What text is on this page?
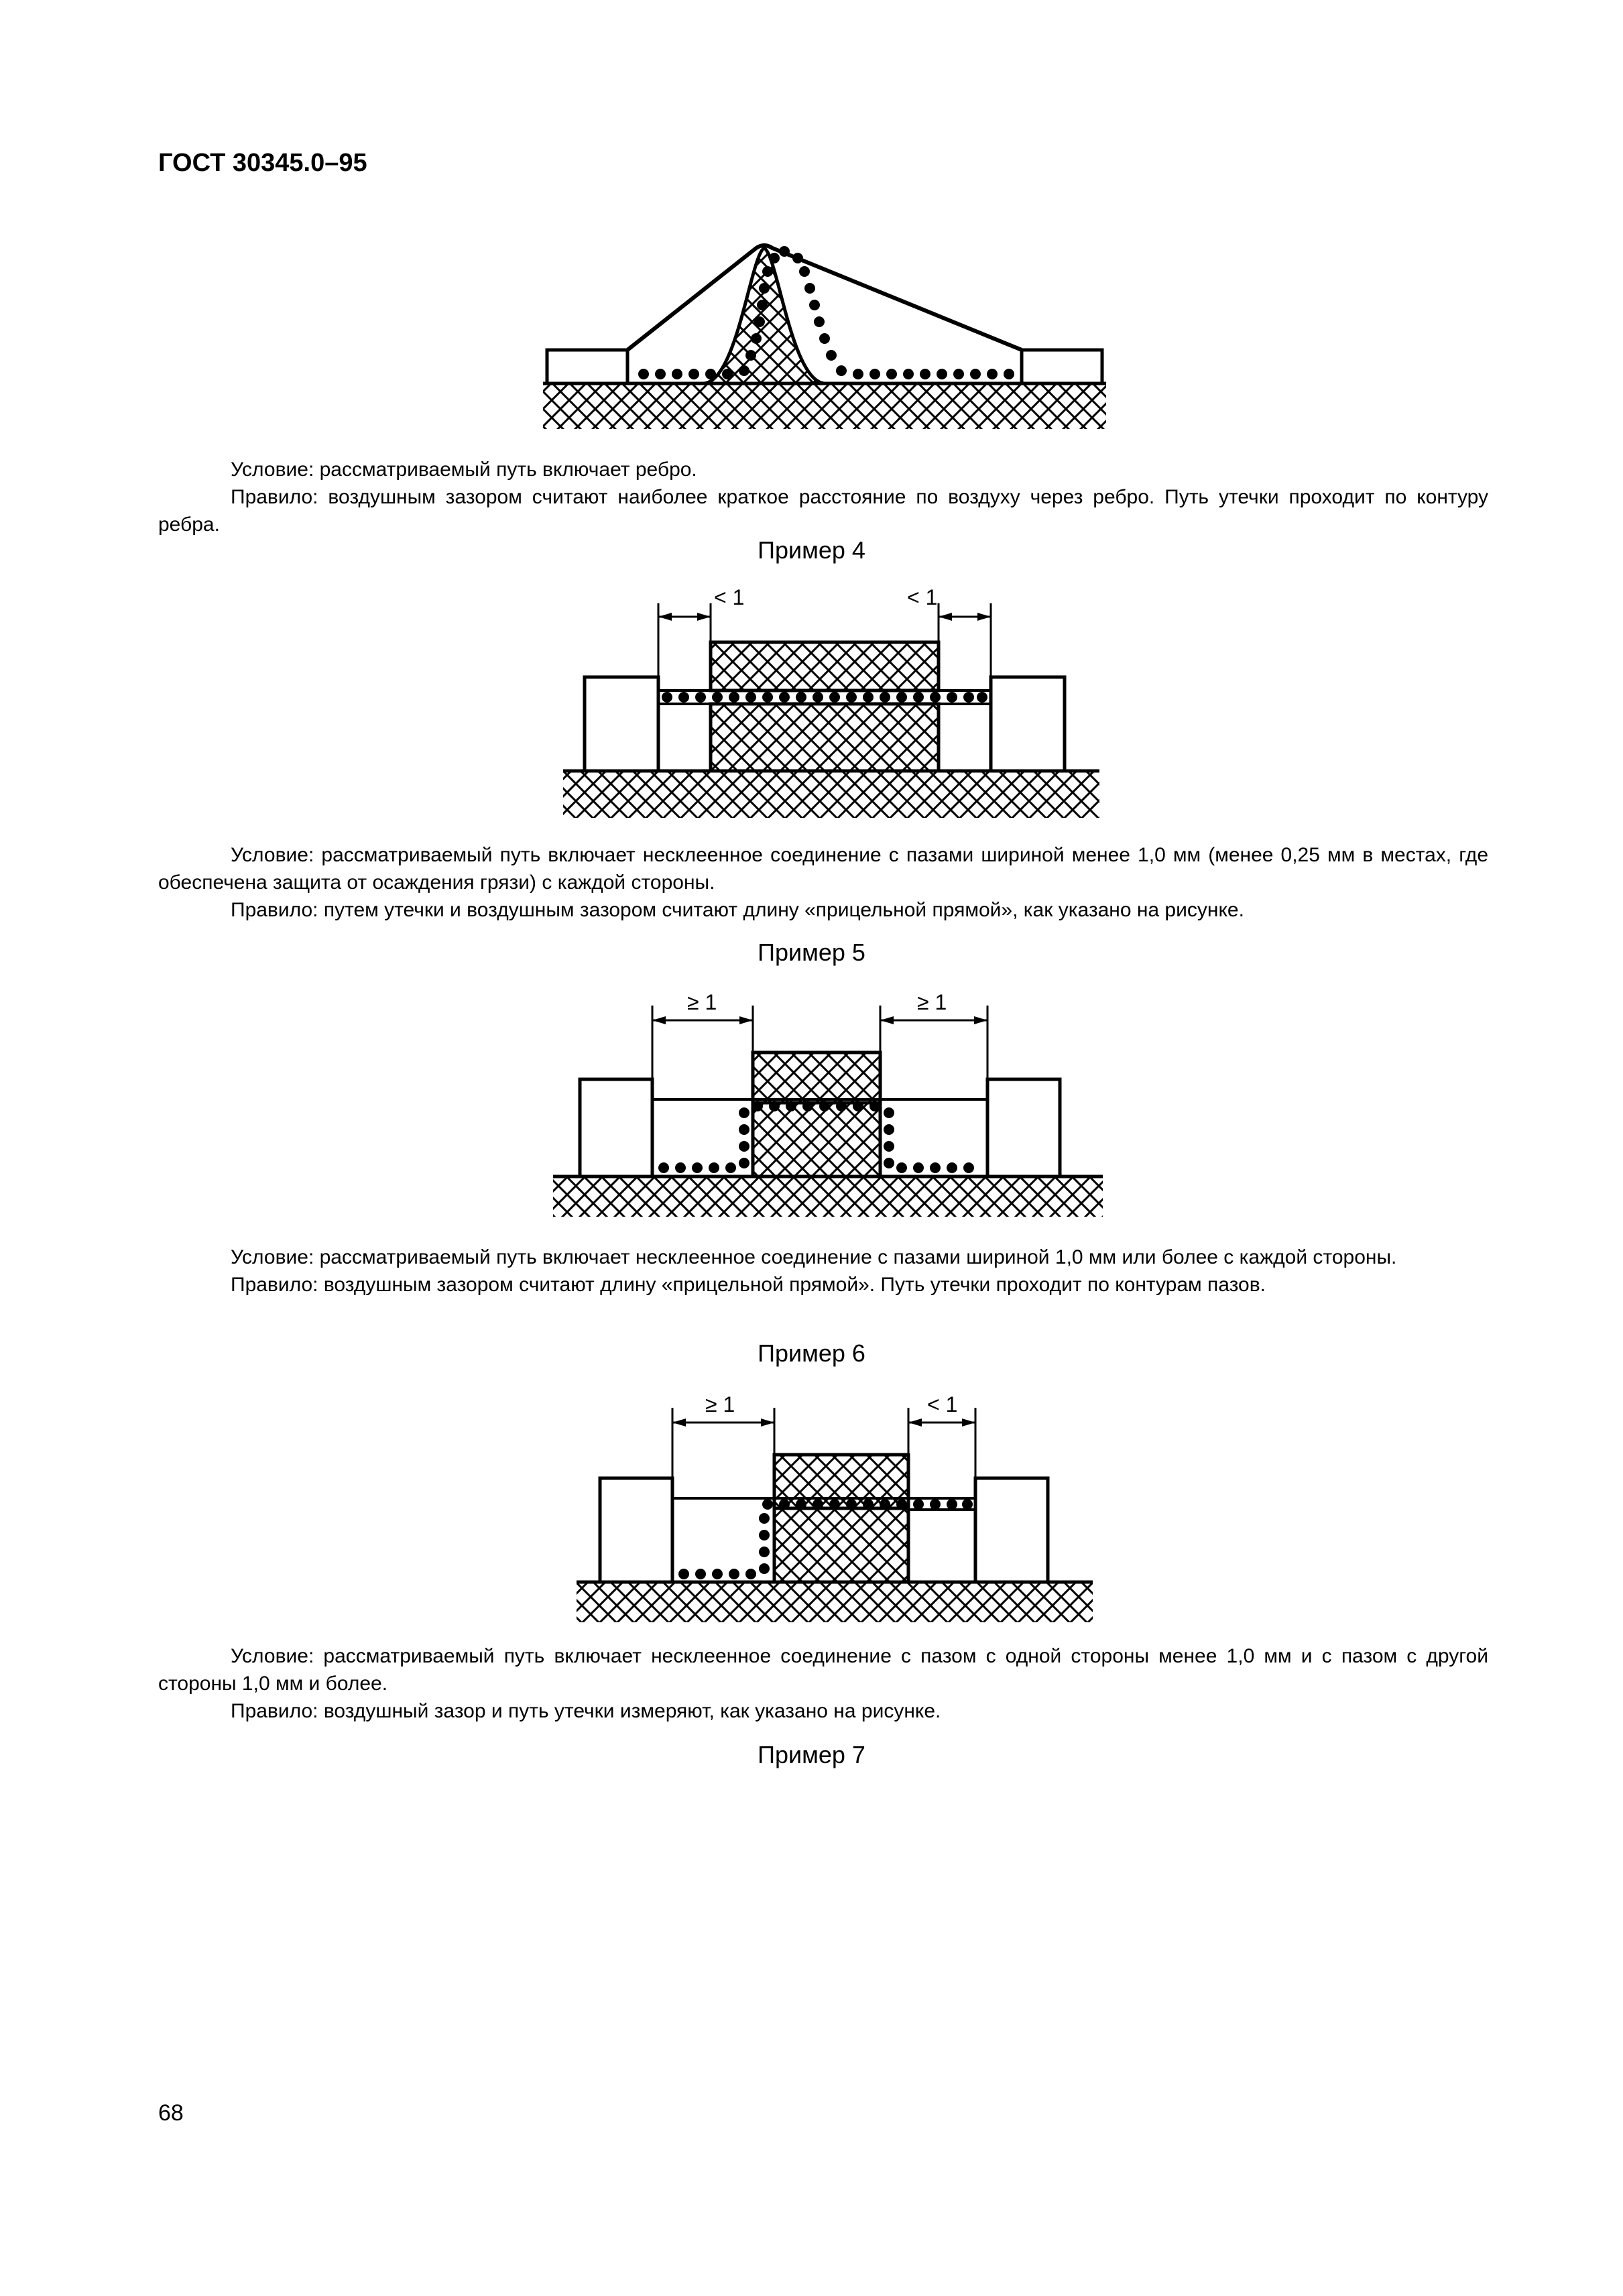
ГОСТ 30345.0–95

Условие: рассматриваемый путь включает ребро.

Правило: воздушным зазором считают наиболее краткое расстояние по воздуху через ребро. Путь утечки проходит по контуру ребра.

Пример 4
< 1	< 1

Условие: рассматриваемый путь включает несклеенное соединение с пазами шириной менее 1,0 мм (менее 0,25 мм в местах, где обеспечена защита от осаждения грязи) с каждой стороны.

Правило: путем утечки и воздушным зазором считают длину «прицельной прямой», как указано на рисунке.

Пример 5
≥ 1	≥ 1

Условие: рассматриваемый путь включает несклеенное соединение с пазами шириной 1,0 мм или более с каждой стороны.

Правило: воздушным зазором считают длину «прицельной прямой». Путь утечки проходит по контурам пазов.

Пример 6
≥ 1	< 1

Условие: рассматриваемый путь включает несклеенное соединение с пазом с одной стороны менее 1,0 мм и с пазом с другой стороны 1,0 мм и более.

Правило: воздушный зазор и путь утечки измеряют, как указано на рисунке.

Пример 7
68
